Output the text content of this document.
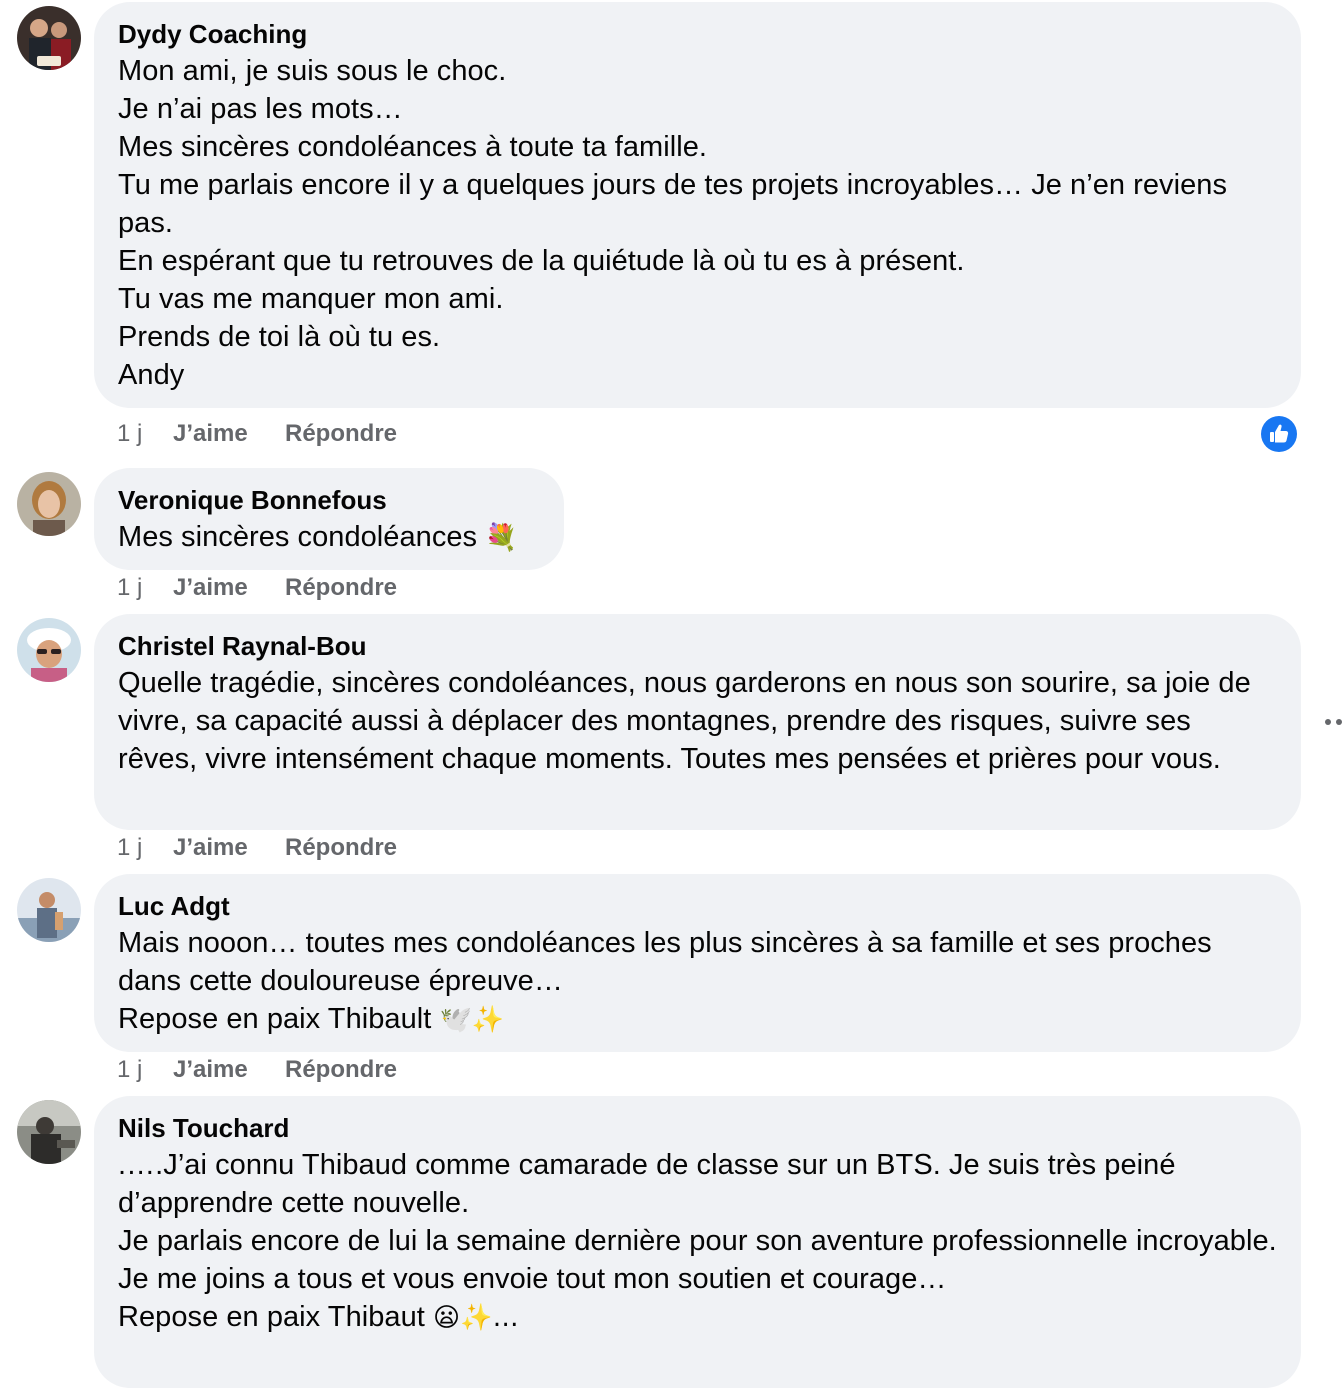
Dydy Coaching
Mon ami, je suis sous le choc.
Je n’ai pas les mots…
Mes sincères condoléances à toute ta famille.
Tu me parlais encore il y a quelques jours de tes projets incroyables… Je n’en reviens pas.
En espérant que tu retrouves de la quiétude là où tu es à présent.
Tu vas me manquer mon ami.
Prends de toi là où tu es.
Andy
1 j J’aime Répondre
Veronique Bonnefous
Mes sincères condoléances 💐
1 j J’aime Répondre
Christel Raynal-Bou
Quelle tragédie, sincères condoléances, nous garderons en nous son sourire, sa joie de vivre, sa capacité aussi à déplacer des montagnes, prendre des risques, suivre ses rêves, vivre intensément chaque moments. Toutes mes pensées et prières pour vous.
1 j J’aime Répondre
Luc Adgt
Mais nooon… toutes mes condoléances les plus sincères à sa famille et ses proches dans cette douloureuse épreuve…
Repose en paix Thibault 🕊️✨
1 j J’aime Répondre
Nils Touchard
.….J’ai connu Thibaud comme camarade de classe sur un BTS. Je suis très peiné d’apprendre cette nouvelle.
Je parlais encore de lui la semaine dernière pour son aventure professionnelle incroyable.
Je me joins a tous et vous envoie tout mon soutien et courage…
Repose en paix Thibaut 😦✨…
